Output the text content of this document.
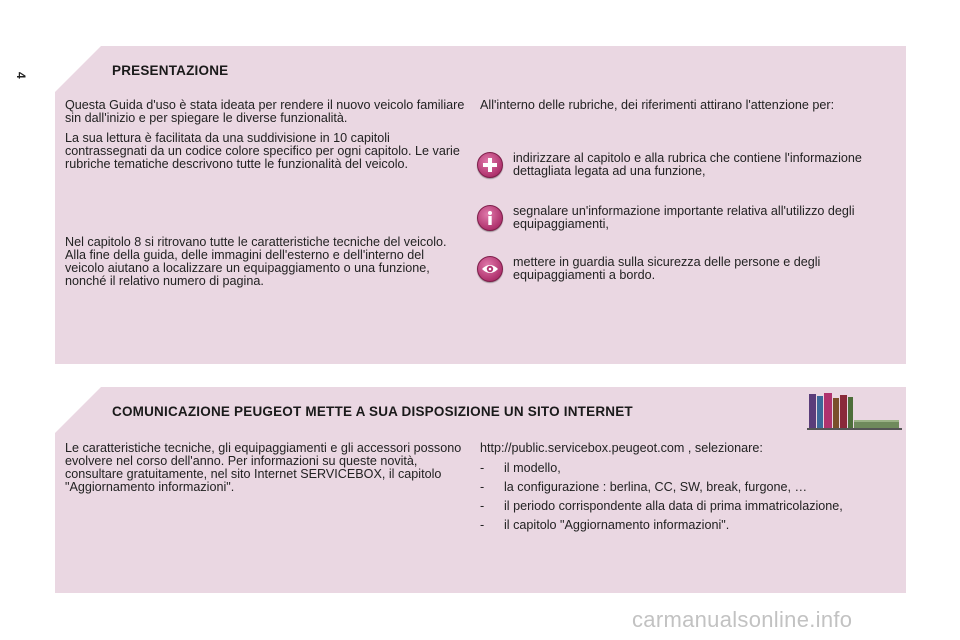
4	PRESENTAZIONE

Questa Guida d'uso è stata ideata per rendere il nuovo veicolo familiare sin dall'inizio e per spiegare le diverse funzionalità.

La sua lettura è facilitata da una suddivisione in 10 capitoli contrassegnati da un codice colore specifico per ogni capitolo. Le varie rubriche tematiche descrivono tutte le funzionalità del veicolo.

Nel capitolo 8 si ritrovano tutte le caratteristiche tecniche del veicolo. Alla fine della guida, delle immagini dell'esterno e dell'interno del veicolo aiutano a localizzare un equipaggiamento o una funzione, nonché il relativo numero di pagina.

All'interno delle rubriche, dei riferimenti attirano l'attenzione per:
indirizzare al capitolo e alla rubrica che contiene l'informazione dettagliata legata ad una funzione,
segnalare un'informazione importante relativa all'utilizzo degli equipaggiamenti,
mettere in guardia sulla sicurezza delle persone e degli equipaggiamenti a bordo.
COMUNICAZIONE PEUGEOT METTE A SUA DISPOSIZIONE UN SITO INTERNET
Le caratteristiche tecniche, gli equipaggiamenti e gli accessori possono evolvere nel corso dell'anno. Per informazioni su queste novità, consultare gratuitamente, nel sito Internet SERVICEBOX, il capitolo "Aggiornamento informazioni".

http://public.servicebox.peugeot.com , selezionare:

- il modello,
- la configurazione : berlina, CC, SW, break, furgone, …
- il periodo corrispondente alla data di prima immatricolazione,
- il capitolo "Aggiornamento informazioni".
carmanualsonline.info
